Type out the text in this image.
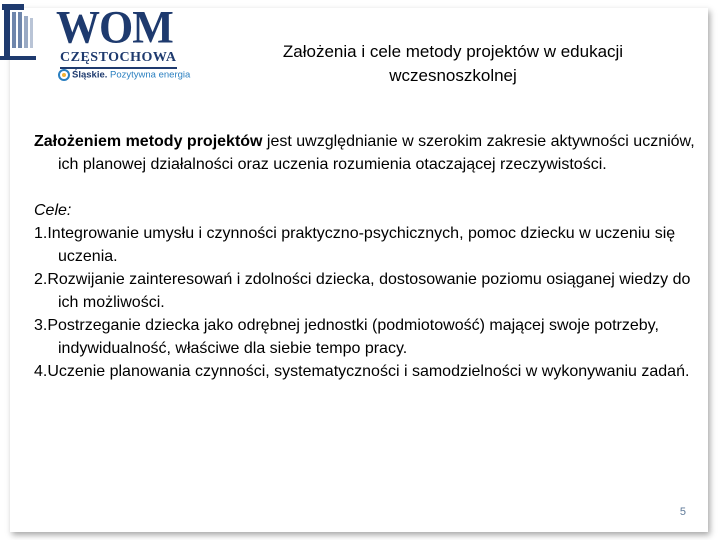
WOM
CZĘSTOCHOWA
Śląskie. Pozytywna energia
Założenia i cele metody projektów w edukacji wczesnoszkolnej

Założeniem metody projektów jest uwzględnianie w szerokim zakresie aktywności uczniów, ich planowej działalności oraz uczenia rozumienia otaczającej rzeczywistości.

Cele:

1.Integrowanie umysłu i czynności praktyczno-psychicznych, pomoc dziecku w uczeniu się uczenia.

2.Rozwijanie zainteresowań i zdolności dziecka, dostosowanie poziomu osiąganej wiedzy do ich możliwości.

3.Postrzeganie dziecka jako odrębnej jednostki (podmiotowość) mającej swoje potrzeby, indywidualność, właściwe dla siebie tempo pracy.

4.Uczenie planowania czynności, systematyczności i samodzielności w wykonywaniu zadań.

5
